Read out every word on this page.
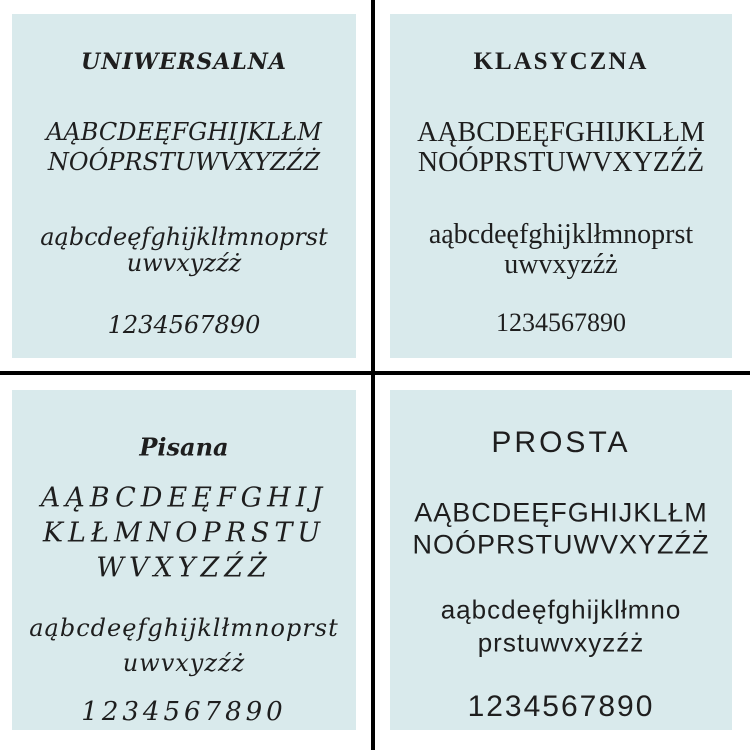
UNIWERSALNA
AĄBCDEĘFGHIJKLŁM
NOÓPRSTUWVXYZŹŻ
aąbcdeęfghijklłmnoprst
uwvxyzźż
1234567890
KLASYCZNA
AĄBCDEĘFGHIJKLŁM
NOÓPRSTUWVXYZŹŻ
aąbcdeęfghijklłmnoprst
uwvxyzźż
1234567890
Pisana
AĄBCDEĘFGHIJ
KLŁMNOPRSTU
WVXYZŹŻ
aąbcdeęfghijklłmnoprst
uwvxyzźż
1234567890
PROSTA
AĄBCDEĘFGHIJKLŁM
NOÓPRSTUWVXYZŹŻ
aąbcdeęfghijklłmno
prstuwvxyzźż
1234567890
